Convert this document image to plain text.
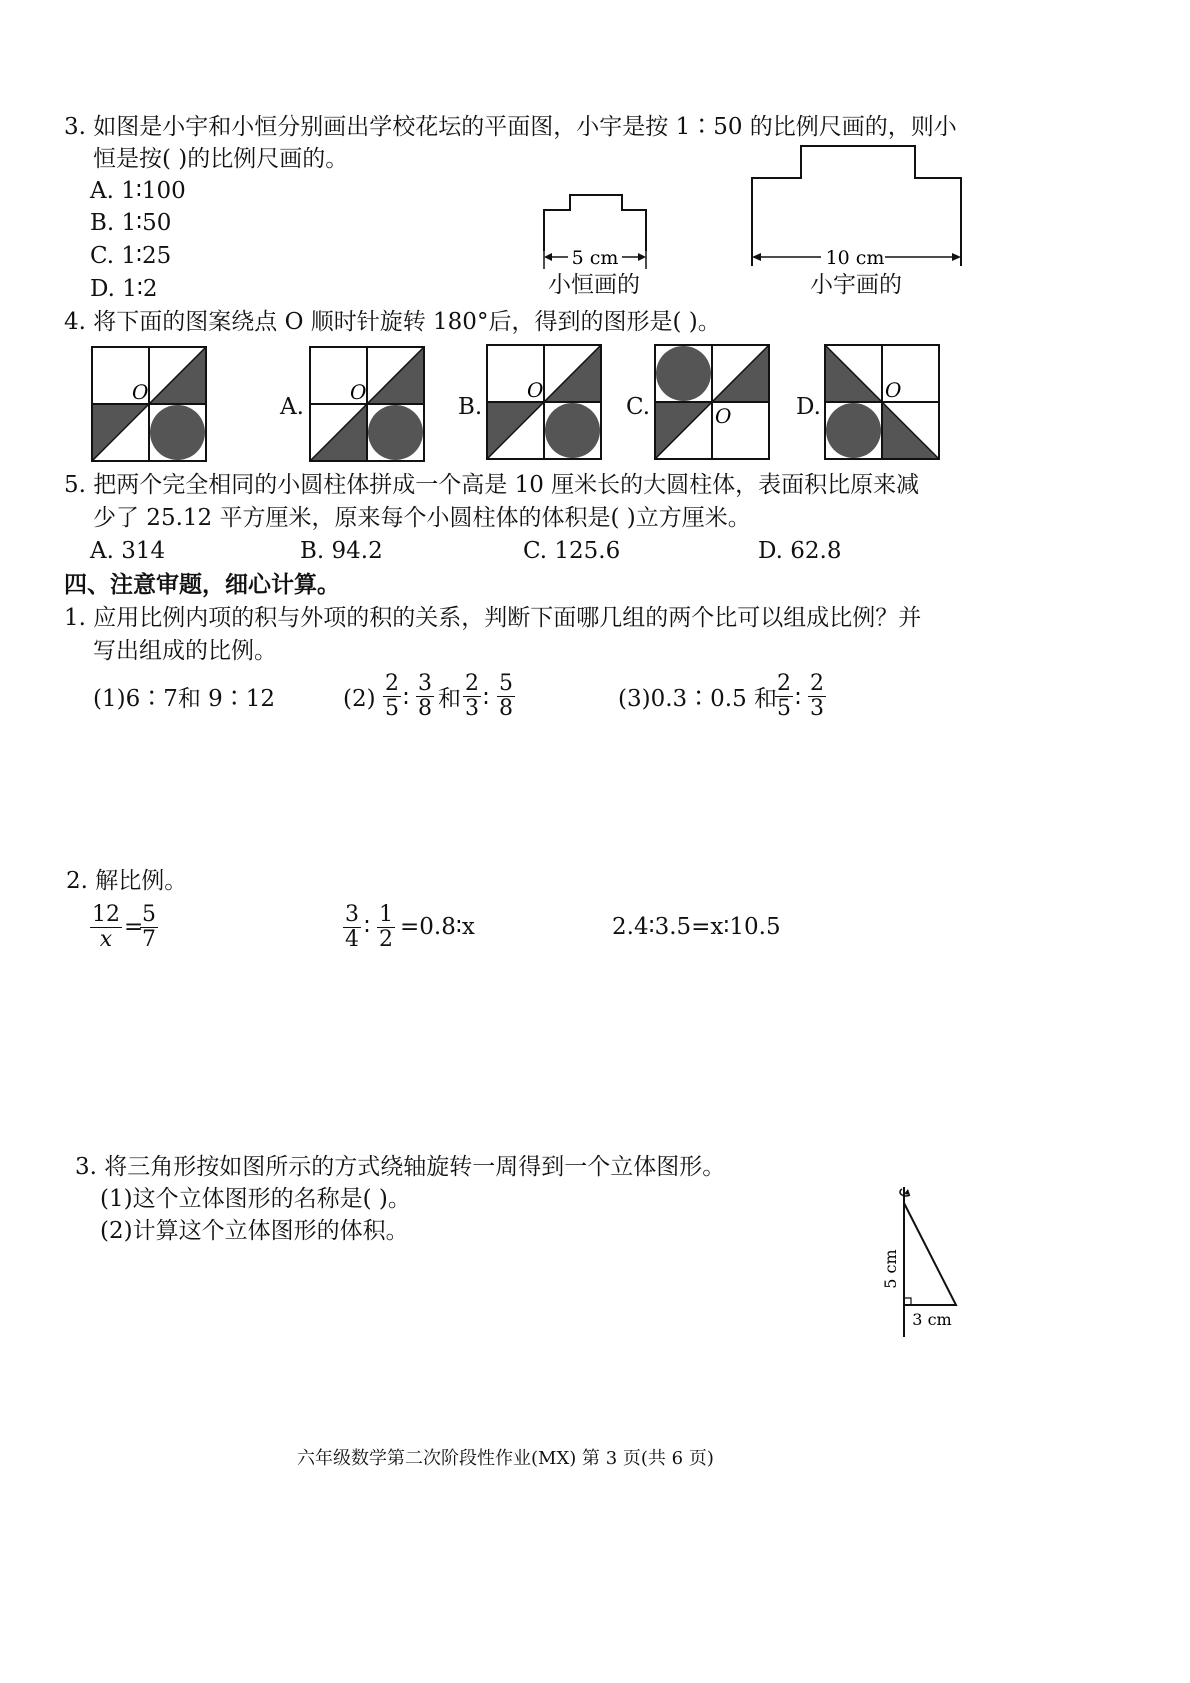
3. 如图是小宇和小恒分别画出学校花坛的平面图，小宇是按 1∶50 的比例尺画的，则小
恒是按( )的比例尺画的。
A. 1∶100
B. 1∶50
C. 1∶25
D. 1∶2
5 cm
小恒画的
10 cm
小宇画的
4. 将下面的图案绕点 O 顺时针旋转 180°后，得到的图形是( )。
O
A.
O
B.
O
C.	O	D.
O
5. 把两个完全相同的小圆柱体拼成一个高是 10 厘米长的大圆柱体，表面积比原来减
少了 25.12 平方厘米，原来每个小圆柱体的体积是( )立方厘米。
A. 314	B. 94.2	C. 125.6	D. 62.8
四、注意审题，细心计算。
1. 应用比例内项的积与外项的积的关系，判断下面哪几组的两个比可以组成比例？并
写出组成的比例。
(1)6∶7和 9∶12	$(2) \frac{2}{5}$ ∶ $\frac{3}{8}$ 和 $\frac{2}{3}$ ∶ $\frac{5}{8}$	(3)0.3∶0.5 和
$\frac{2}{5}$ ∶ $\frac{2}{3}$
2. 解比例。
$\frac{12}{x}$ =
$\frac{5}{7}$	$\frac{3}{4}$ ∶ $\frac{1}{2}$ =0.8∶x	2.4∶3.5=x∶10.5
3. 将三角形按如图所示的方式绕轴旋转一周得到一个立体图形。
(1)这个立体图形的名称是( )。
(2)计算这个立体图形的体积。
5 cm
3 cm
六年级数学第二次阶段性作业(MX) 第 3 页(共 6 页)
